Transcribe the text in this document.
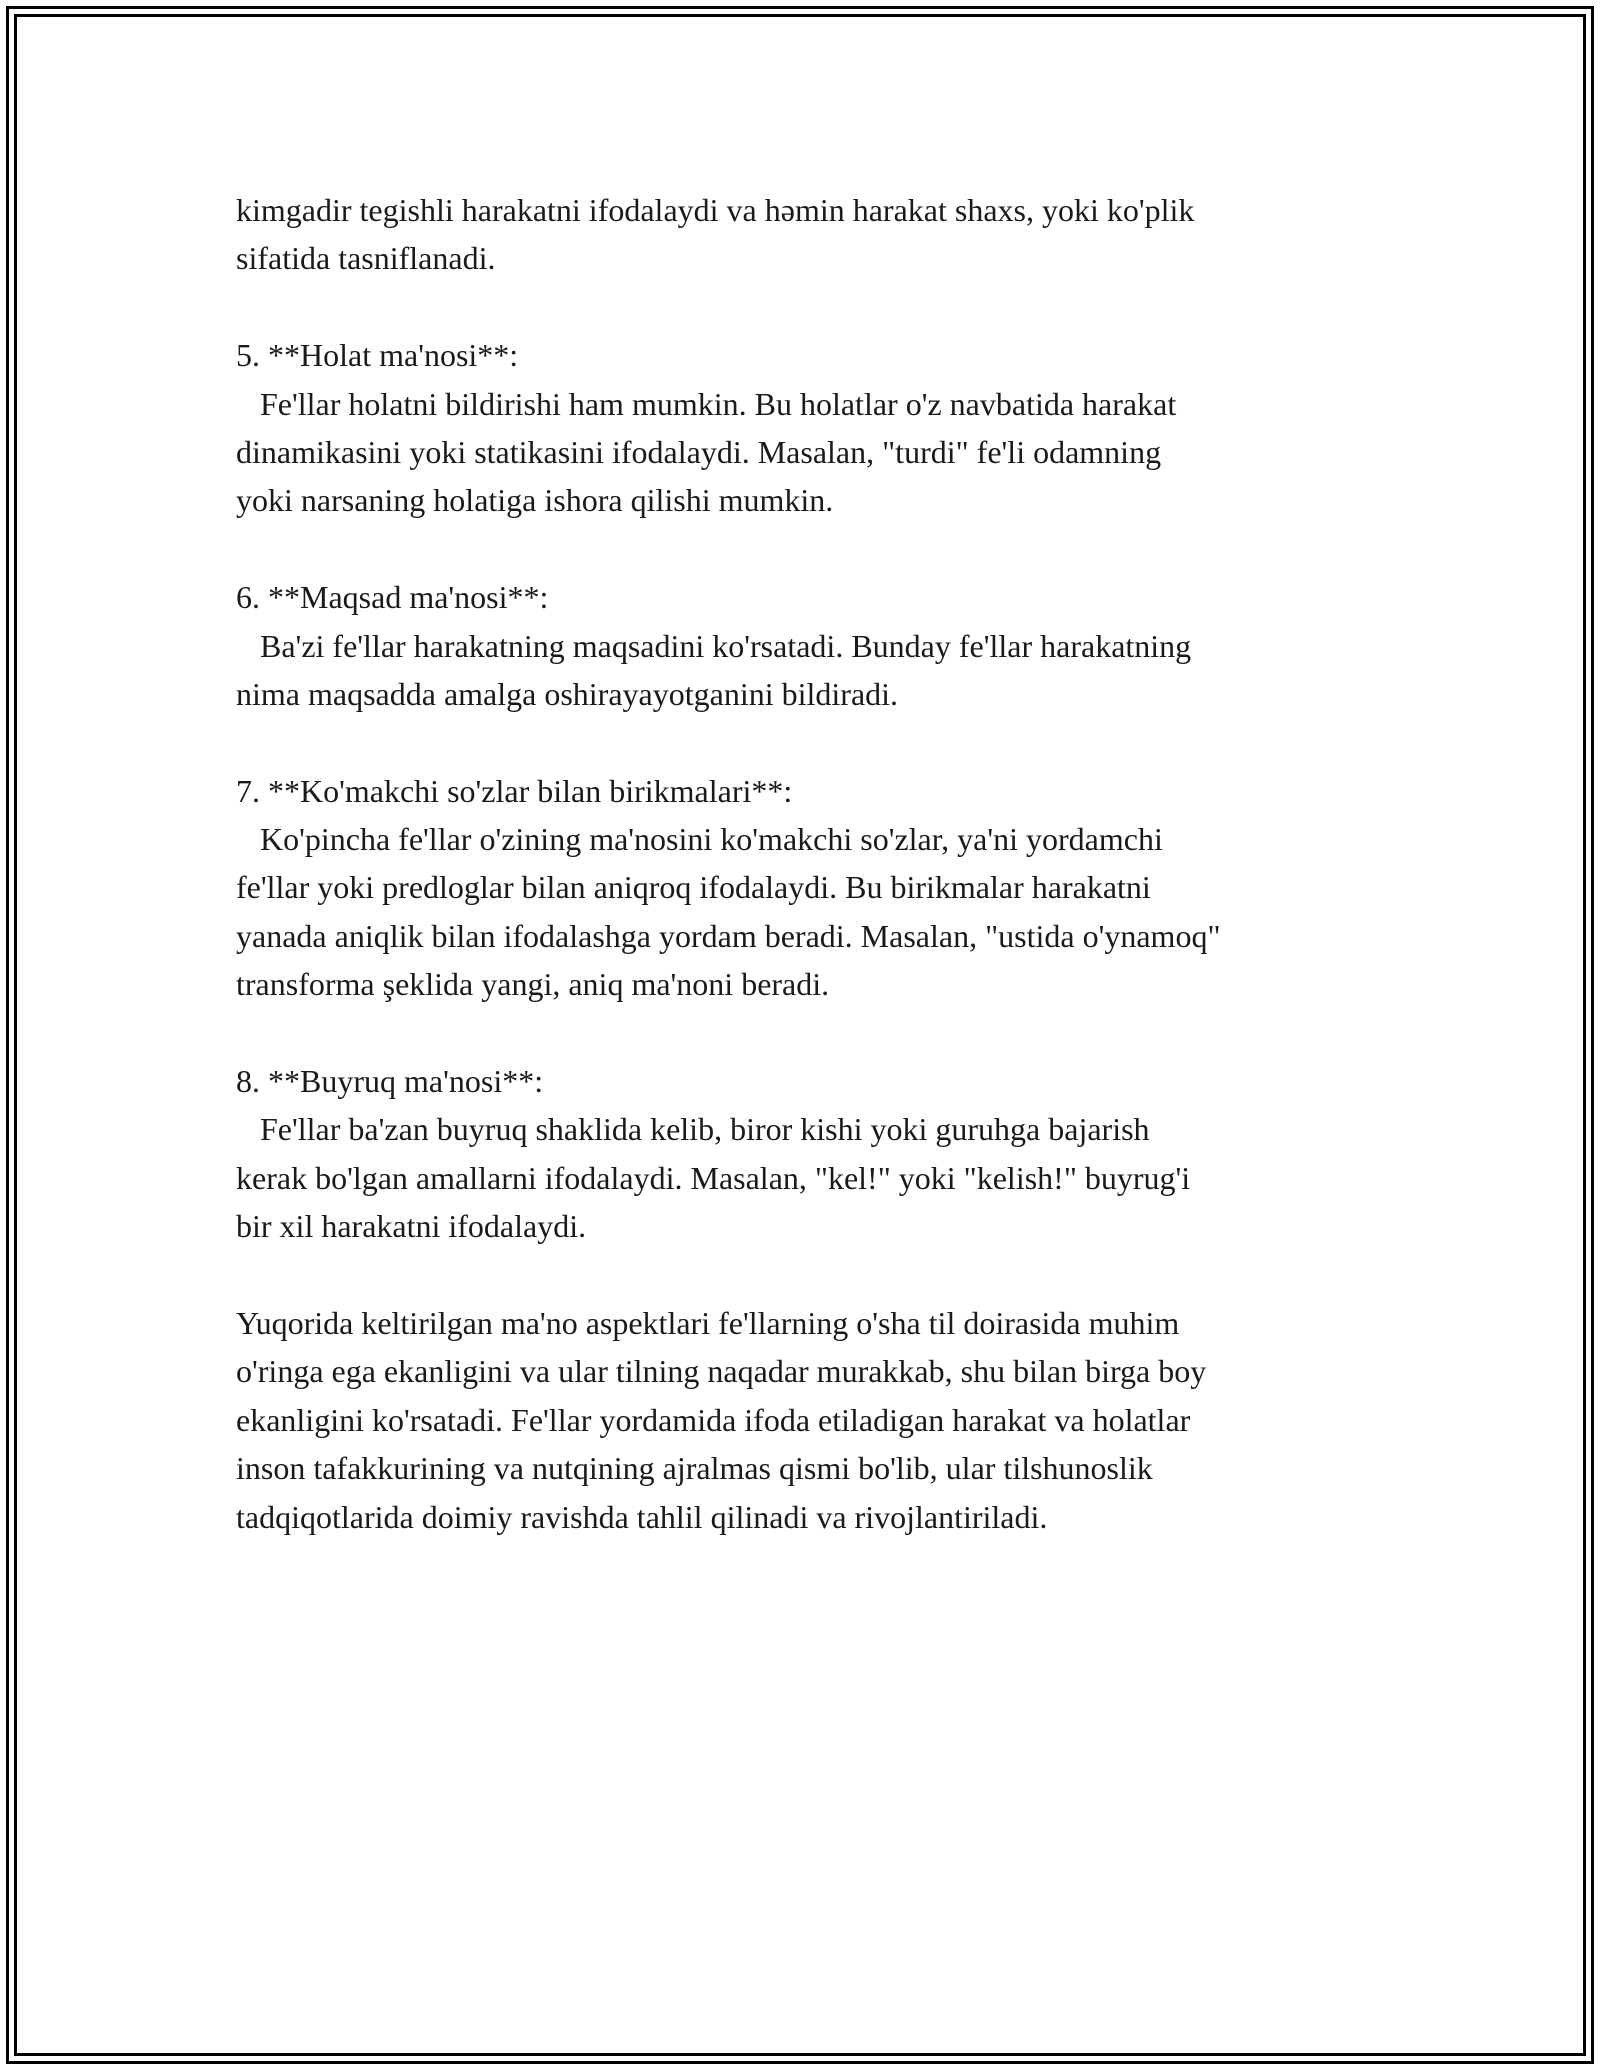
kimgadir tegishli harakatni ifodalaydi va həmin harakat shaxs, yoki ko'plik
sifatida tasniflanadi.
5. **Holat ma'nosi**:
Fe'llar holatni bildirishi ham mumkin. Bu holatlar o'z navbatida harakat
dinamikasini yoki statikasini ifodalaydi. Masalan, "turdi" fe'li odamning
yoki narsaning holatiga ishora qilishi mumkin.
6. **Maqsad ma'nosi**:
Ba'zi fe'llar harakatning maqsadini ko'rsatadi. Bunday fe'llar harakatning
nima maqsadda amalga oshirayayotganini bildiradi.
7. **Ko'makchi so'zlar bilan birikmalari**:
Ko'pincha fe'llar o'zining ma'nosini ko'makchi so'zlar, ya'ni yordamchi
fe'llar yoki predloglar bilan aniqroq ifodalaydi. Bu birikmalar harakatni
yanada aniqlik bilan ifodalashga yordam beradi. Masalan, "ustida o'ynamoq"
transforma şeklida yangi, aniq ma'noni beradi.
8. **Buyruq ma'nosi**:
Fe'llar ba'zan buyruq shaklida kelib, biror kishi yoki guruhga bajarish
kerak bo'lgan amallarni ifodalaydi. Masalan, "kel!" yoki "kelish!" buyrug'i
bir xil harakatni ifodalaydi.
Yuqorida keltirilgan ma'no aspektlari fe'llarning o'sha til doirasida muhim
o'ringa ega ekanligini va ular tilning naqadar murakkab, shu bilan birga boy
ekanligini ko'rsatadi. Fe'llar yordamida ifoda etiladigan harakat va holatlar
inson tafakkurining va nutqining ajralmas qismi bo'lib, ular tilshunoslik
tadqiqotlarida doimiy ravishda tahlil qilinadi va rivojlantiriladi.
